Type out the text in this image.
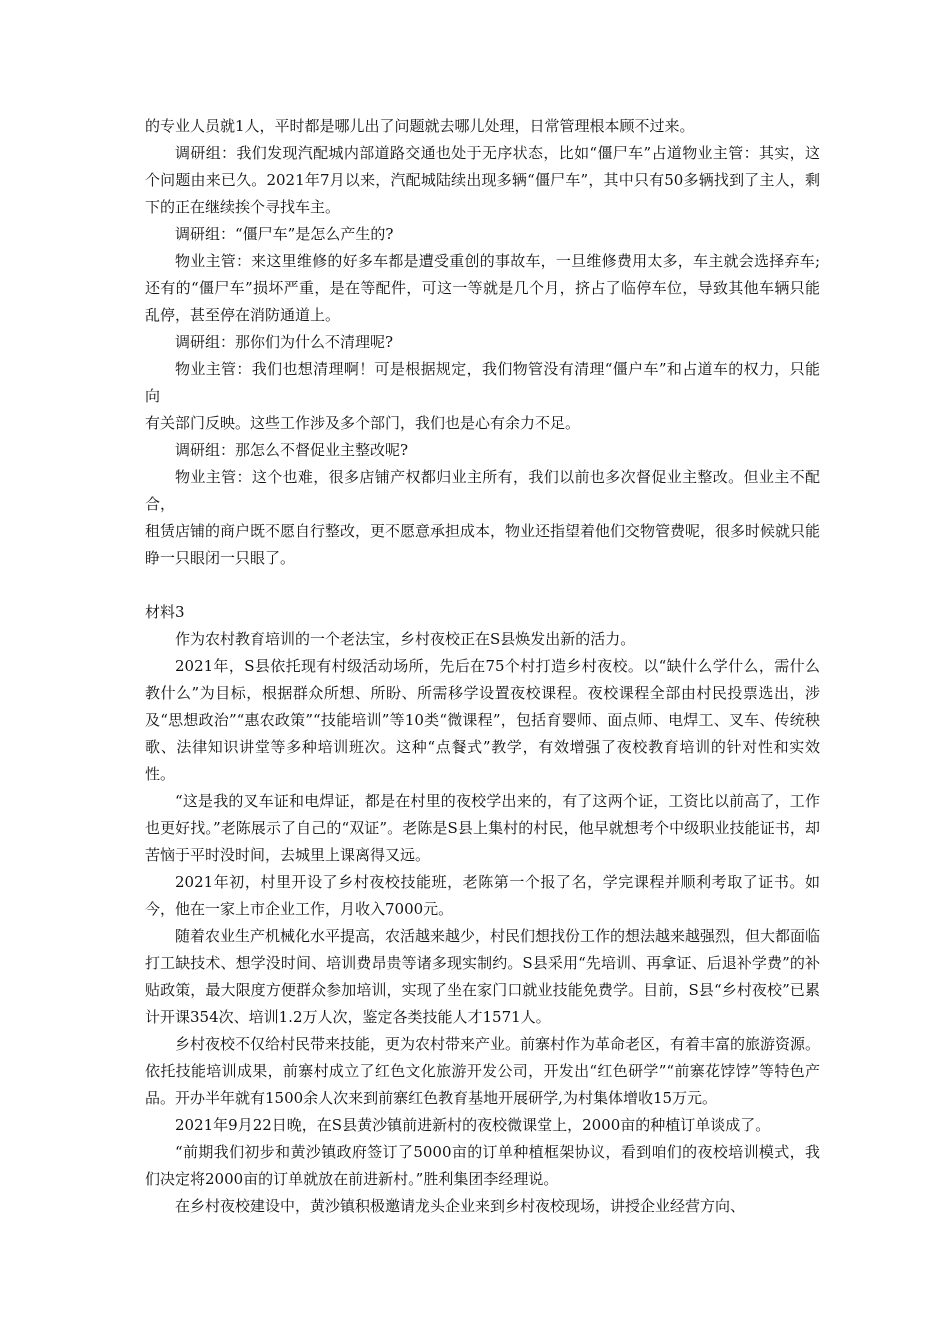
的专业人员就1人，平时都是哪儿出了问题就去哪儿处理，日常管理根本顾不过来。

调研组：我们发现汽配城内部道路交通也处于无序状态，比如“僵尸车”占道物业主管：其实，这个问题由来已久。2021年7月以来，汽配城陆续出现多辆“僵尸车”，其中只有50多辆找到了主人，剩下的正在继续挨个寻找车主。

调研组：“僵尸车”是怎么产生的?

物业主管：来这里维修的好多车都是遭受重创的事故车，一旦维修费用太多，车主就会选择弃车;还有的“僵尸车”损坏严重，是在等配件，可这一等就是几个月，挤占了临停车位，导致其他车辆只能乱停，甚至停在消防通道上。

调研组：那你们为什么不清理呢?

物业主管：我们也想清理啊！可是根据规定，我们物管没有清理“僵户车”和占道车的权力，只能向

有关部门反映。这些工作涉及多个部门，我们也是心有余力不足。

调研组：那怎么不督促业主整改呢?

物业主管：这个也难，很多店铺产权都归业主所有，我们以前也多次督促业主整改。但业主不配合，

租赁店铺的商户既不愿自行整改，更不愿意承担成本，物业还指望着他们交物管费呢，很多时候就只能睁一只眼闭一只眼了。

材料3

作为农村教育培训的一个老法宝，乡村夜校正在S县焕发出新的活力。

2021年，S县依托现有村级活动场所，先后在75个村打造乡村夜校。以“缺什么学什么，需什么教什么”为目标，根据群众所想、所盼、所需移学设置夜校课程。夜校课程全部由村民投票选出，涉及“思想政治”“惠农政策”“技能培训”等10类“微课程”，包括育婴师、面点师、电焊工、叉车、传统秧歌、法律知识讲堂等多种培训班次。这种“点餐式”教学，有效增强了夜校教育培训的针对性和实效性。

“这是我的叉车证和电焊证，都是在村里的夜校学出来的，有了这两个证，工资比以前高了，工作也更好找。”老陈展示了自己的“双证”。老陈是S县上集村的村民，他早就想考个中级职业技能证书，却苦恼于平时没时间，去城里上课离得又远。

2021年初，村里开设了乡村夜校技能班，老陈第一个报了名，学完课程并顺利考取了证书。如今，他在一家上市企业工作，月收入7000元。

随着农业生产机械化水平提高，农活越来越少，村民们想找份工作的想法越来越强烈，但大都面临打工缺技术、想学没时间、培训费昂贵等诸多现实制约。S县采用“先培训、再拿证、后退补学费”的补贴政策，最大限度方便群众参加培训，实现了坐在家门口就业技能免费学。目前，S县“乡村夜校”已累计开课354次、培训1.2万人次，鉴定各类技能人才1571人。

乡村夜校不仅给村民带来技能，更为农村带来产业。前寨村作为革命老区，有着丰富的旅游资源。依托技能培训成果，前寨村成立了红色文化旅游开发公司，开发出“红色研学”“前寨花饽饽”等特色产品。开办半年就有1500余人次来到前寨红色教育基地开展研学,为村集体增收15万元。

2021年9月22日晚，在S县黄沙镇前进新村的夜校微课堂上，2000亩的种植订单谈成了。

“前期我们初步和黄沙镇政府签订了5000亩的订单种植框架协议，看到咱们的夜校培训模式，我们决定将2000亩的订单就放在前进新村。”胜利集团李经理说。

在乡村夜校建设中，黄沙镇积极邀请龙头企业来到乡村夜校现场，讲授企业经营方向、
